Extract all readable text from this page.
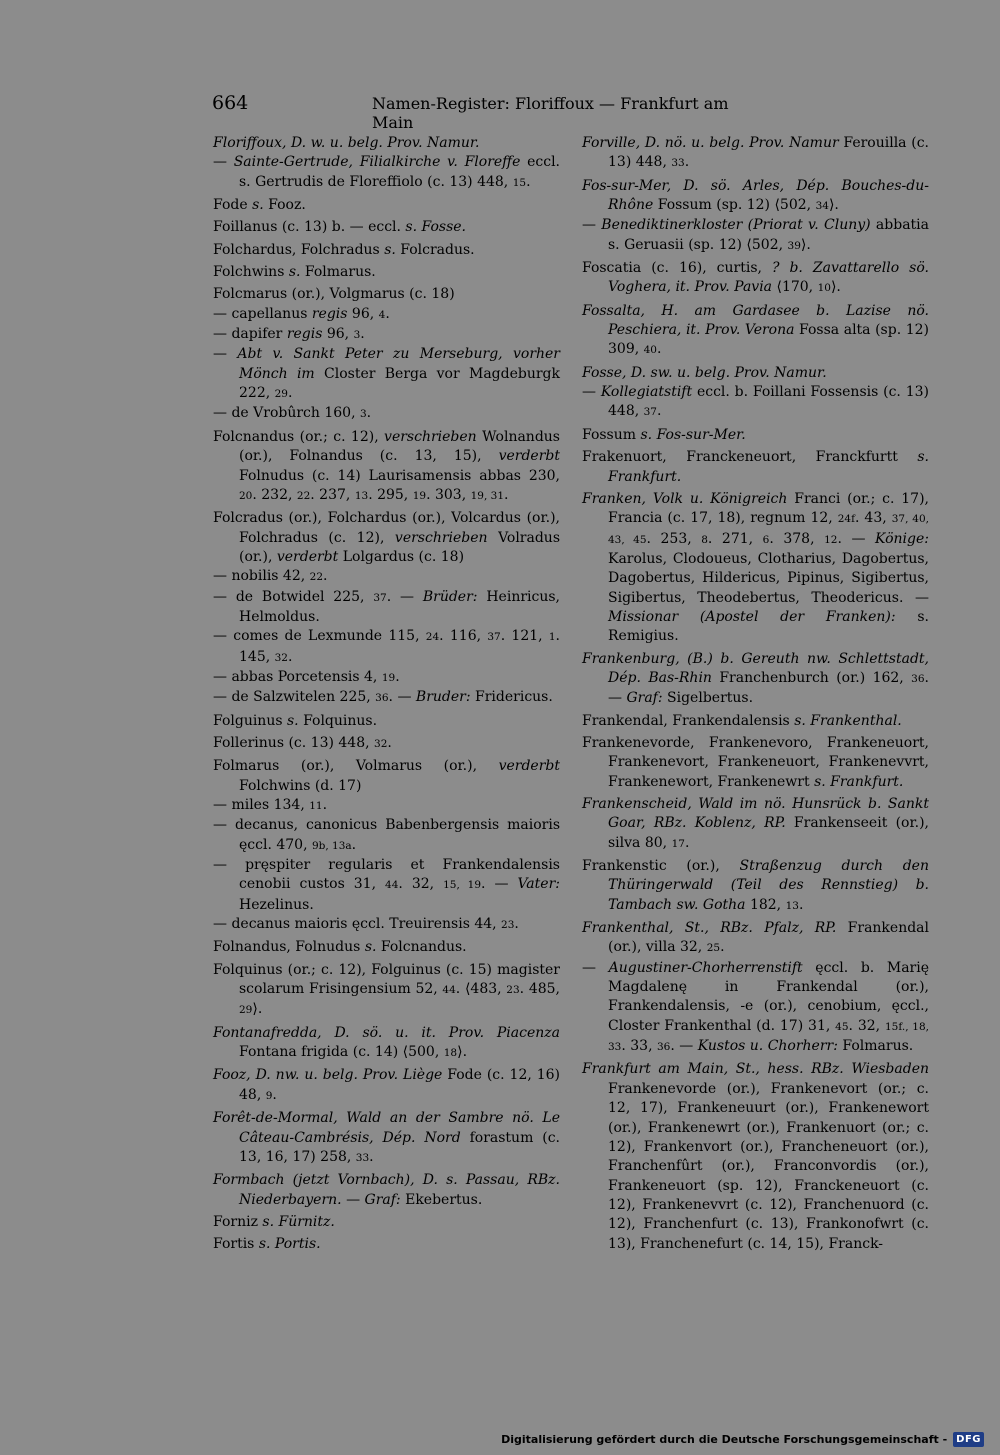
664	Namen-Register: Floriffoux — Frankfurt am Main
Floriffoux, D. w. u. belg. Prov. Namur.
— Sainte-Gertrude, Filialkirche v. Floreffe eccl. s. Gertrudis de Floreffiolo (c. 13) 448, 15.
Fode s. Fooz.
Foillanus (c. 13) b. — eccl. s. Fosse.
Folchardus, Folchradus s. Folcradus.
Folchwins s. Folmarus.
Folcmarus (or.), Volgmarus (c. 18)
— capellanus regis 96, 4.
— dapifer regis 96, 3.
— Abt v. Sankt Peter zu Merseburg, vorher Mönch im Closter Berga vor Magdeburgk 222, 29.
— de Vrobûrch 160, 3.
Folcnandus (or.; c. 12), verschrieben Wolnandus (or.), Folnandus (c. 13, 15), verderbt Folnudus (c. 14) Laurisamensis abbas 230, 20. 232, 22. 237, 13. 295, 19. 303, 19, 31.
Folcradus (or.), Folchardus (or.), Volcardus (or.), Folchradus (c. 12), verschrieben Volradus (or.), verderbt Lolgardus (c. 18)
— nobilis 42, 22.
— de Botwidel 225, 37. — Brüder: Heinricus, Helmoldus.
— comes de Lexmunde 115, 24. 116, 37. 121, 1. 145, 32.
— abbas Porcetensis 4, 19.
— de Salzwitelen 225, 36. — Bruder: Fridericus.
Folguinus s. Folquinus.
Follerinus (c. 13) 448, 32.
Folmarus (or.), Volmarus (or.), verderbt Folchwins (d. 17)
— miles 134, 11.
— decanus, canonicus Babenbergensis maioris ęccl. 470, 9b, 13a.
— pręspiter regularis et Frankendalensis cenobii custos 31, 44. 32, 15, 19. — Vater: Hezelinus.
— decanus maioris ęccl. Treuirensis 44, 23.
Folnandus, Folnudus s. Folcnandus.
Folquinus (or.; c. 12), Folguinus (c. 15) magister scolarum Frisingensium 52, 44. ⟨483, 23. 485, 29⟩.
Fontanafredda, D. sö. u. it. Prov. Piacenza Fontana frigida (c. 14) ⟨500, 18⟩.
Fooz, D. nw. u. belg. Prov. Liège Fode (c. 12, 16) 48, 9.
Forêt-de-Mormal, Wald an der Sambre nö. Le Câteau-Cambrésis, Dép. Nord forastum (c. 13, 16, 17) 258, 33.
Formbach (jetzt Vornbach), D. s. Passau, RBz. Niederbayern. — Graf: Ekebertus.
Forniz s. Fürnitz.
Fortis s. Portis.
Forville, D. nö. u. belg. Prov. Namur Ferouilla (c. 13) 448, 33.
Fos-sur-Mer, D. sö. Arles, Dép. Bouches-du-Rhône Fossum (sp. 12) ⟨502, 34⟩.
— Benediktinerkloster (Priorat v. Cluny) abbatia s. Geruasii (sp. 12) ⟨502, 39⟩.
Foscatia (c. 16), curtis, ? b. Zavattarello sö. Voghera, it. Prov. Pavia ⟨170, 10⟩.
Fossalta, H. am Gardasee b. Lazise nö. Peschiera, it. Prov. Verona Fossa alta (sp. 12) 309, 40.
Fosse, D. sw. u. belg. Prov. Namur.
— Kollegiatstift eccl. b. Foillani Fossensis (c. 13) 448, 37.
Fossum s. Fos-sur-Mer.
Frakenuort, Franckeneuort, Franckfurtt s. Frankfurt.
Franken, Volk u. Königreich Franci (or.; c. 17), Francia (c. 17, 18), regnum 12, 24f. 43, 37, 40, 43, 45. 253, 8. 271, 6. 378, 12. — Könige: Karolus, Clodoueus, Clotharius, Dagobertus, Dagobertus, Hildericus, Pipinus, Sigibertus, Sigibertus, Theodebertus, Theodericus. — Missionar (Apostel der Franken): s. Remigius.
Frankenburg, (B.) b. Gereuth nw. Schlettstadt, Dép. Bas-Rhin Franchenburch (or.) 162, 36. — Graf: Sigelbertus.
Frankendal, Frankendalensis s. Frankenthal.
Frankenevorde, Frankenevoro, Frankeneuort, Frankenevort, Frankeneuort, Frankenevvrt, Frankenewort, Frankenewrt s. Frankfurt.
Frankenscheid, Wald im nö. Hunsrück b. Sankt Goar, RBz. Koblenz, RP. Frankenseeit (or.), silva 80, 17.
Frankenstic (or.), Straßenzug durch den Thüringerwald (Teil des Rennstieg) b. Tambach sw. Gotha 182, 13.
Frankenthal, St., RBz. Pfalz, RP. Frankendal (or.), villa 32, 25.
— Augustiner-Chorherrenstift ęccl. b. Marię Magdalenę in Frankendal (or.), Frankendalensis, -e (or.), cenobium, ęccl., Closter Frankenthal (d. 17) 31, 45. 32, 15f., 18, 33. 33, 36. — Kustos u. Chorherr: Folmarus.
Frankfurt am Main, St., hess. RBz. Wiesbaden Frankenevorde (or.), Frankenevort (or.; c. 12, 17), Frankeneuurt (or.), Frankenewort (or.), Frankenewrt (or.), Frankenuort (or.; c. 12), Frankenvort (or.), Francheneuort (or.), Franchenfûrt (or.), Franconvordis (or.), Frankeneuort (sp. 12), Franckeneuort (c. 12), Frankenevvrt (c. 12), Franchenuord (c. 12), Franchenfurt (c. 13), Frankonofwrt (c. 13), Franchenefurt (c. 14, 15), Franck-
Digitalisierung gefördert durch die Deutsche Forschungsgemeinschaft - DFG
